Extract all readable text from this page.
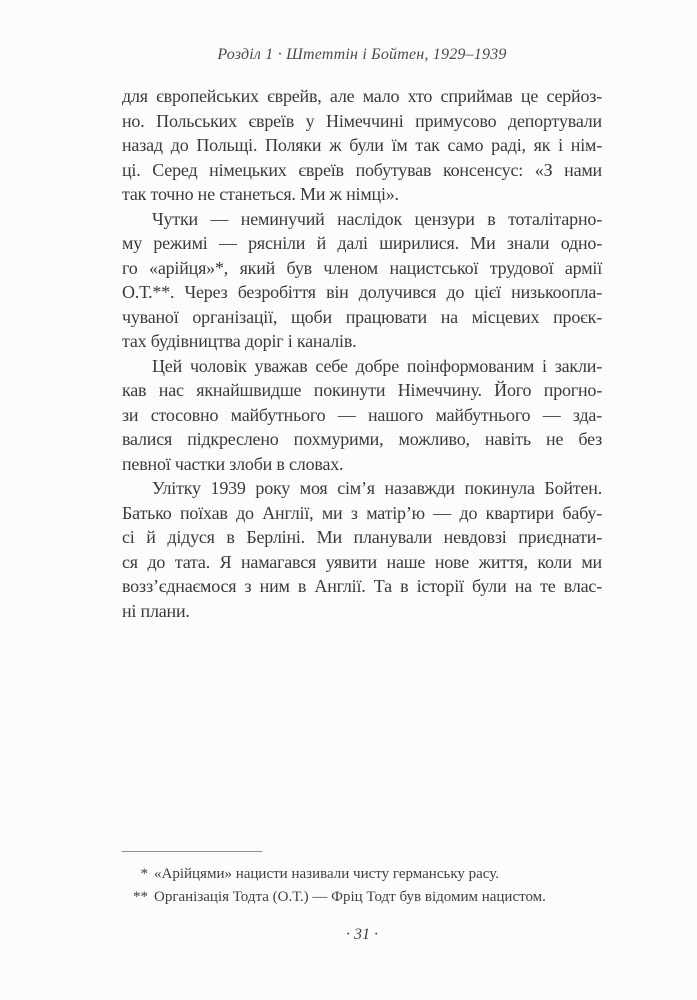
Розділ 1 · Штеттін і Бойтен, 1929–1939
для європейських єврейв, але мало хто сприймав це серйоз-
но. Польських євреїв у Німеччині примусово депортували
назад до Польщі. Поляки ж були їм так само раді, як і нім-
ці. Серед німецьких євреїв побутував консенсус: «З нами
так точно не станеться. Ми ж німці».
Чутки — неминучий наслідок цензури в тоталітарно-
му режимі — рясніли й далі ширилися. Ми знали одно-
го «арійця»*, який був членом нацистської трудової армії
О.Т.**. Через безробіття він долучився до цієї низькоопла-
чуваної організації, щоби працювати на місцевих проєк-
тах будівництва доріг і каналів.
Цей чоловік уважав себе добре поінформованим і закли-
кав нас якнайшвидше покинути Німеччину. Його прогно-
зи стосовно майбутнього — нашого майбутнього — зда-
валися підкреслено похмурими, можливо, навіть не без
певної частки злоби в словах.
Улітку 1939 року моя сім’я назавжди покинула Бойтен.
Батько поїхав до Англії, ми з матір’ю — до квартири бабу-
сі й дідуся в Берліні. Ми планували невдовзі приєднати-
ся до тата. Я намагався уявити наше нове життя, коли ми
возз’єднаємося з ним в Англії. Та в історії були на те влас-
ні плани.
* «Арійцями» нацисти називали чисту германську расу.
** Організація Тодта (О.Т.) — Фріц Тодт був відомим нацистом.
· 31 ·
